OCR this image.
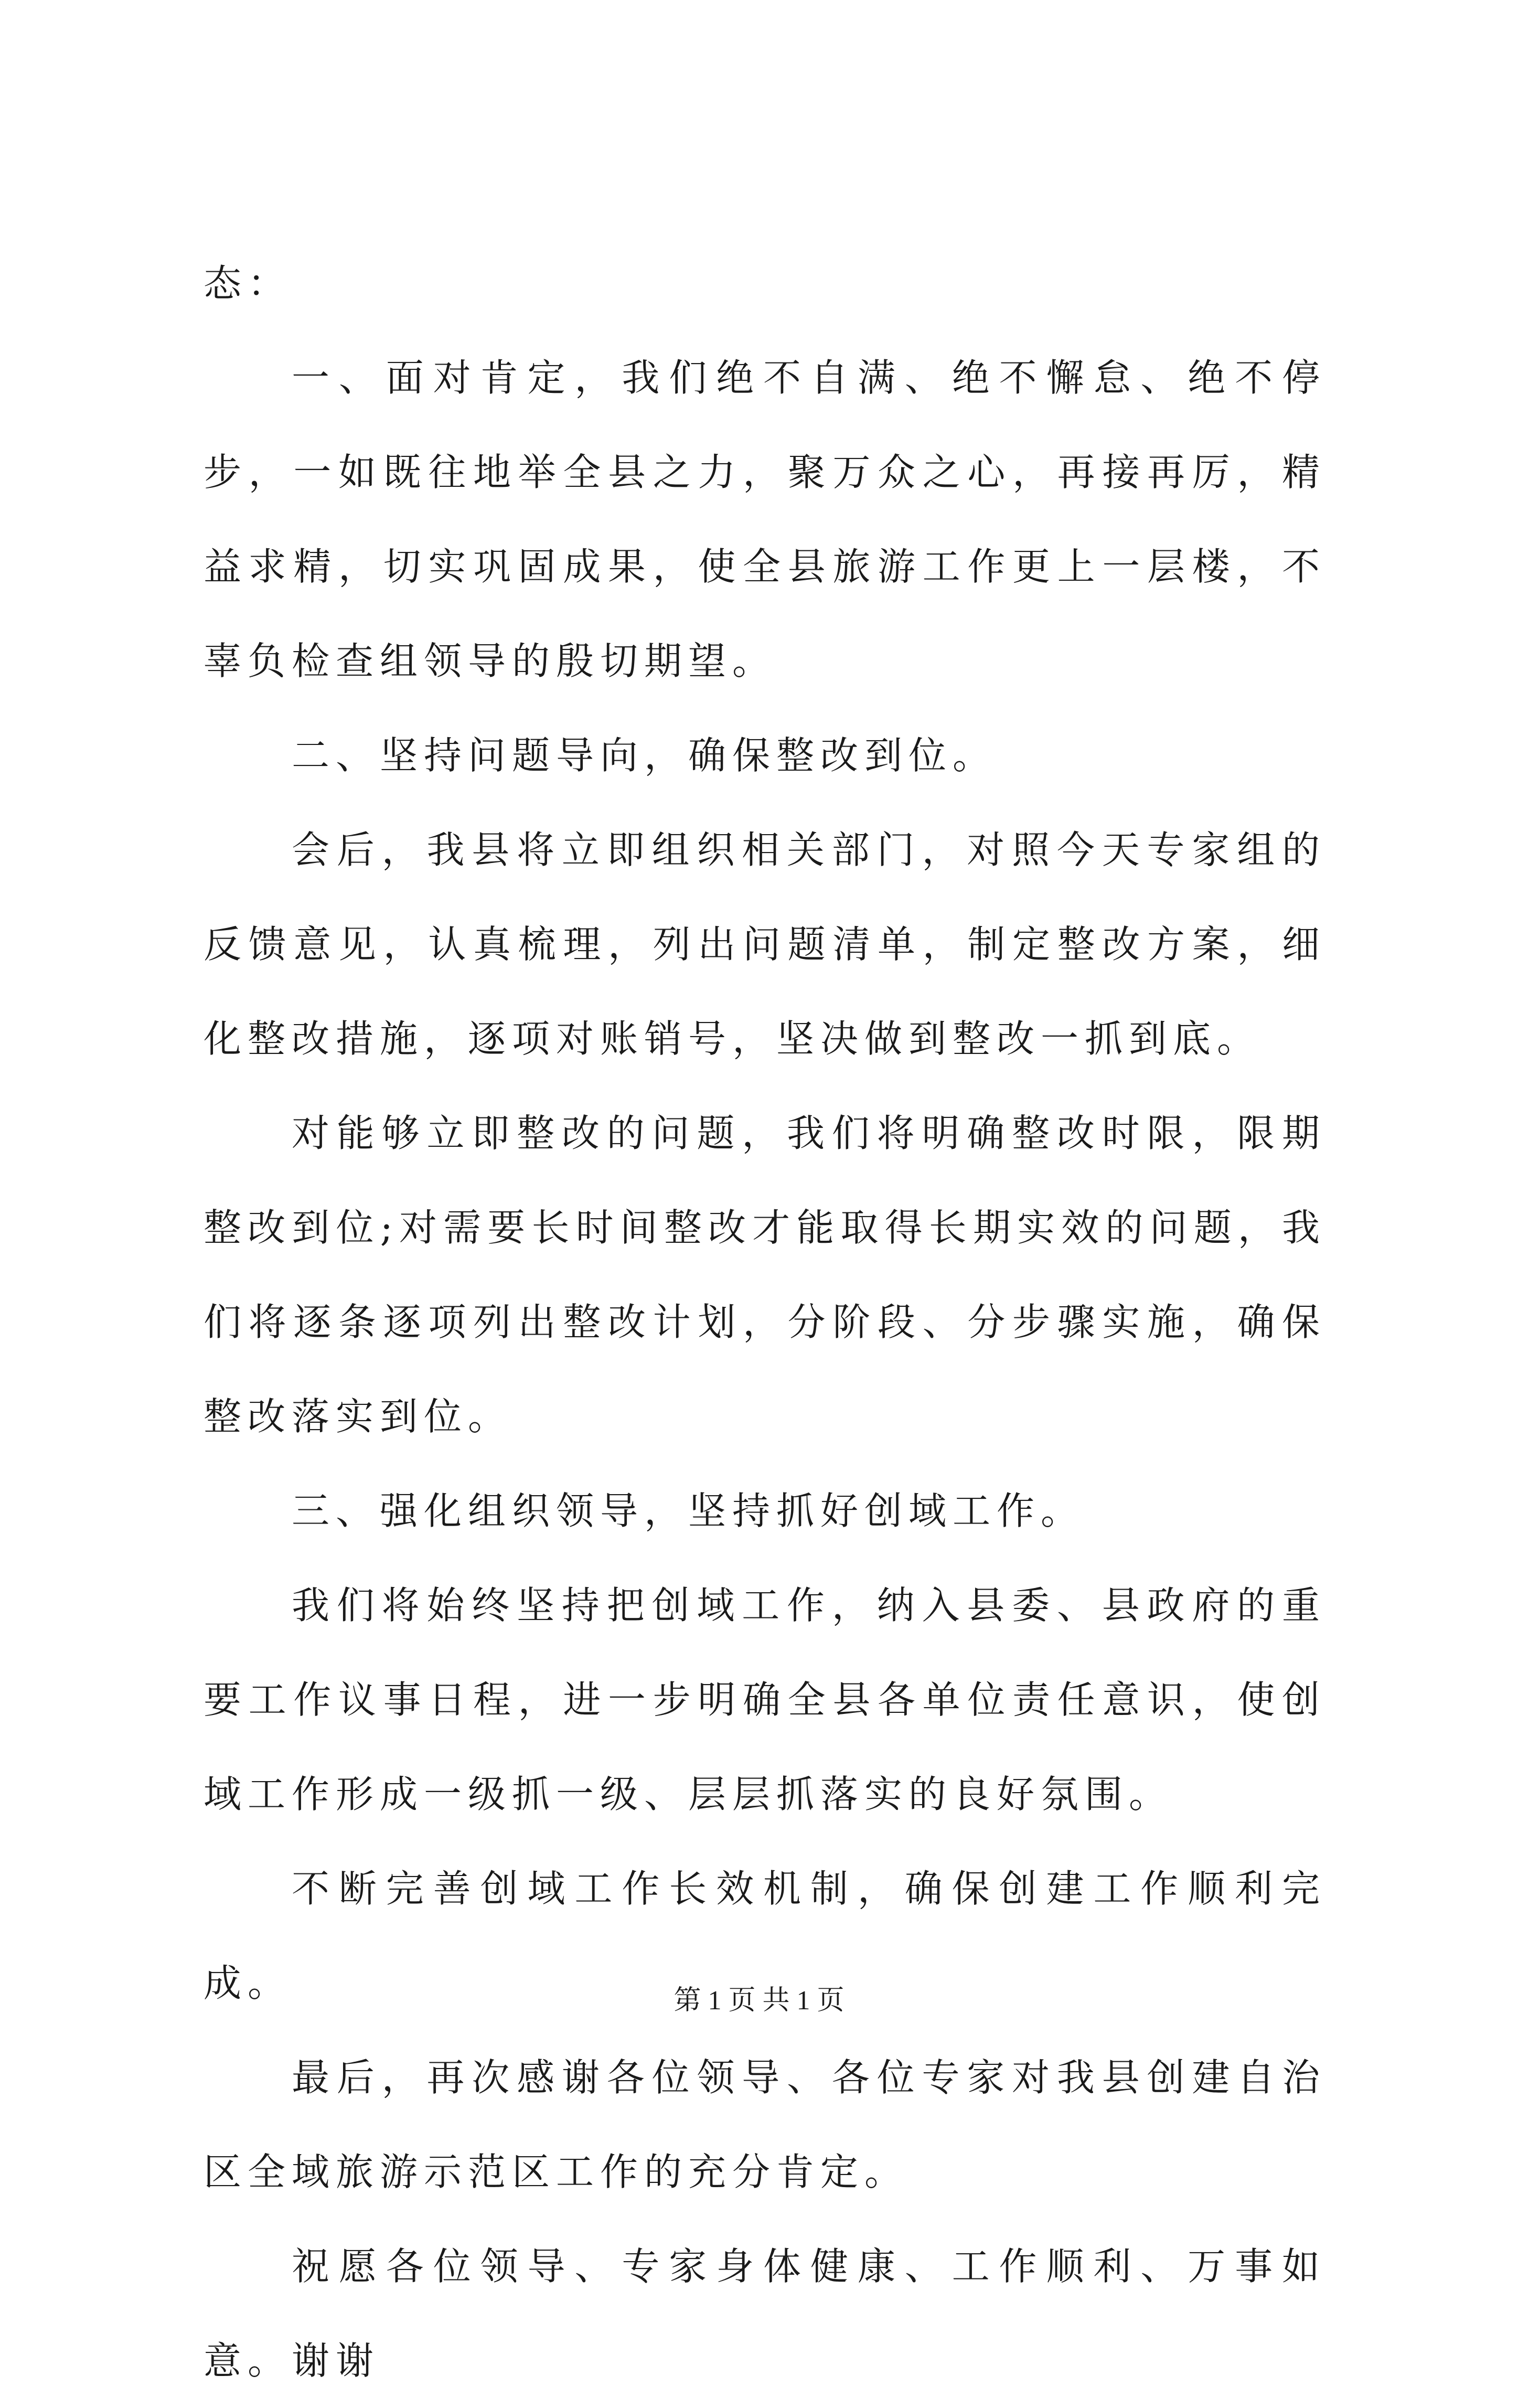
态：

一、面对肯定，我们绝不自满、绝不懈怠、绝不停步，一如既往地举全县之力，聚万众之心，再接再厉，精益求精，切实巩固成果，使全县旅游工作更上一层楼，不辜负检查组领导的殷切期望。

二、坚持问题导向，确保整改到位。

会后，我县将立即组织相关部门，对照今天专家组的反馈意见，认真梳理，列出问题清单，制定整改方案，细化整改措施，逐项对账销号，坚决做到整改一抓到底。

对能够立即整改的问题，我们将明确整改时限，限期整改到位;对需要长时间整改才能取得长期实效的问题，我们将逐条逐项列出整改计划，分阶段、分步骤实施，确保整改落实到位。

三、强化组织领导，坚持抓好创域工作。

我们将始终坚持把创域工作，纳入县委、县政府的重要工作议事日程，进一步明确全县各单位责任意识，使创域工作形成一级抓一级、层层抓落实的良好氛围。

不断完善创域工作长效机制，确保创建工作顺利完成。

最后，再次感谢各位领导、各位专家对我县创建自治区全域旅游示范区工作的充分肯定。

祝愿各位领导、专家身体健康、工作顺利、万事如意。谢谢

第 1 页 共 1 页
